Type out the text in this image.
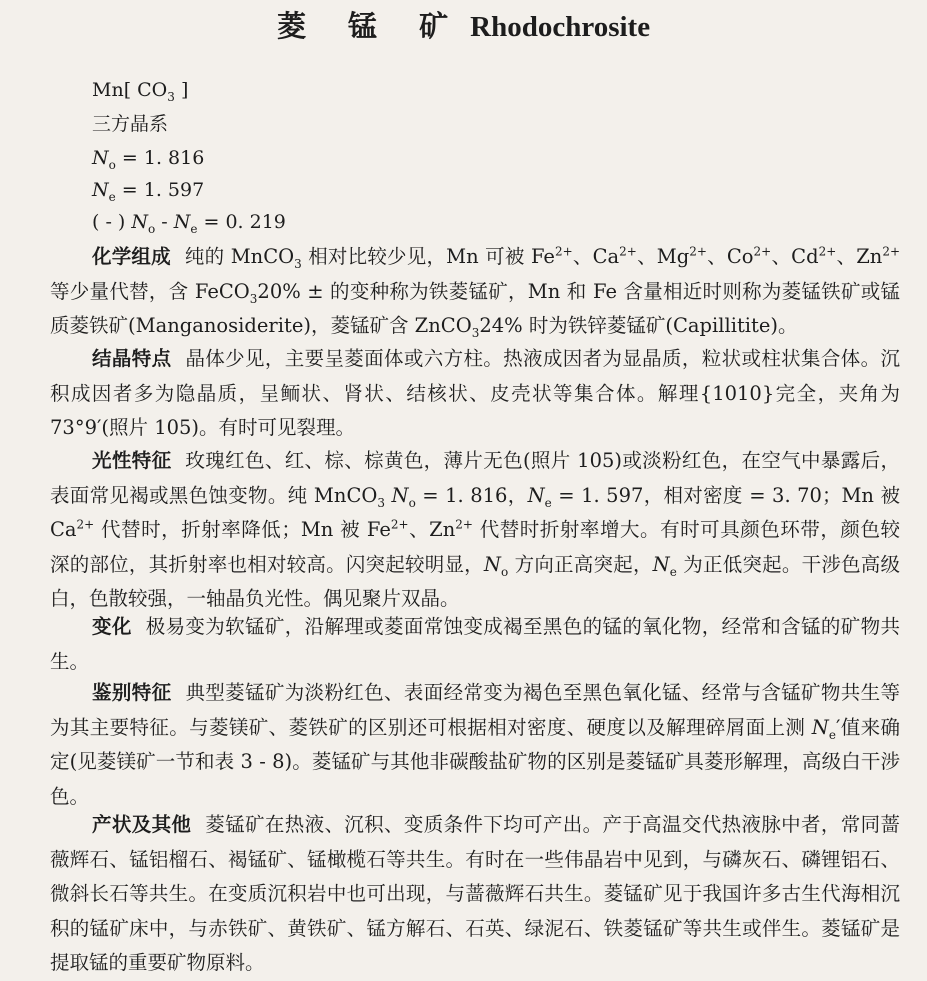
菱 锰 矿 Rhodochrosite
Mn[ $CO_3$ ]
三方晶系
$N_o = 1$. 816
$N_e = 1$. 597
( - ) $N_o - N_e = 0$. 219
化学组成 纯的 MnCO$_3$ 相对比较少见，Mn 可被 $Fe^{2+}$、$Ca^{2+}$、$Mg^{2+}$、$Co^{2+}$、$Cd^{2+}$、$Zn^{2+}$ 等少量代替，含 FeCO$_3$20% ± 的变种称为铁菱锰矿，Mn 和 Fe 含量相近时则称为菱锰铁矿或锰质菱铁矿(Manganosiderite)，菱锰矿含 ZnCO$_3$24% 时为铁锌菱锰矿(Capillitite)。
结晶特点 晶体少见，主要呈菱面体或六方柱。热液成因者为显晶质，粒状或柱状集合体。沉积成因者多为隐晶质，呈鲕状、肾状、结核状、皮壳状等集合体。解理{1010}完全，夹角为 73°9′(照片 105)。有时可见裂理。
光性特征 玫瑰红色、红、棕、棕黄色，薄片无色(照片 105)或淡粉红色，在空气中暴露后，表面常见褐或黑色蚀变物。纯 MnCO$_3$ $N_o = 1$. 816，$N_e = 1$. 597，相对密度 = 3. 70；Mn 被 $Ca^{2+}$ 代替时，折射率降低；Mn 被 $Fe^{2+}$、$Zn^{2+}$ 代替时折射率增大。有时可具颜色环带，颜色较深的部位，其折射率也相对较高。闪突起较明显，$N_o$ 方向正高突起，$N_e$ 为正低突起。干涉色高级白，色散较强，一轴晶负光性。偶见聚片双晶。
变化 极易变为软锰矿，沿解理或菱面常蚀变成褐至黑色的锰的氧化物，经常和含锰的矿物共生。
鉴别特征 典型菱锰矿为淡粉红色、表面经常变为褐色至黑色氧化锰、经常与含锰矿物共生等为其主要特征。与菱镁矿、菱铁矿的区别还可根据相对密度、硬度以及解理碎屑面上测 $N_e'$值来确定(见菱镁矿一节和表 3 - 8)。菱锰矿与其他非碳酸盐矿物的区别是菱锰矿具菱形解理，高级白干涉色。
产状及其他 菱锰矿在热液、沉积、变质条件下均可产出。产于高温交代热液脉中者，常同蔷薇辉石、锰铝榴石、褐锰矿、锰橄榄石等共生。有时在一些伟晶岩中见到，与磷灰石、磷锂铝石、微斜长石等共生。在变质沉积岩中也可出现，与蔷薇辉石共生。菱锰矿见于我国许多古生代海相沉积的锰矿床中，与赤铁矿、黄铁矿、锰方解石、石英、绿泥石、铁菱锰矿等共生或伴生。菱锰矿是提取锰的重要矿物原料。
